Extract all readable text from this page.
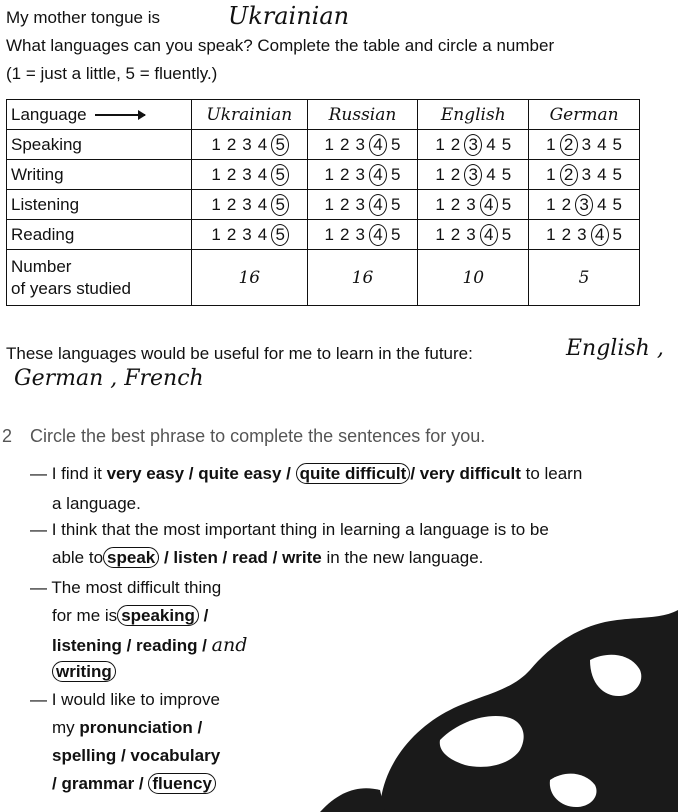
My mother tongue is	Ukrainian
What languages can you speak? Complete the table and circle a number
(1 = just a little, 5 = fluently.)
Language	Ukrainian	Russian	English	German
Speaking	1 2 3 4 5	1 2 3 4 5	1 2 3 4 5	1 2 3 4 5
Writing	1 2 3 4 5	1 2 3 4 5	1 2 3 4 5	1 2 3 4 5
Listening	1 2 3 4 5	1 2 3 4 5	1 2 3 4 5	1 2 3 4 5
Reading	1 2 3 4 5	1 2 3 4 5	1 2 3 4 5	1 2 3 4 5
Number
of years studied	16	16	10	5
These languages would be useful for me to learn in the future:	English ,
German , French
2 Circle the best phrase to complete the sentences for you.
— I find it very easy / quite easy / quite difficult / very difficult to learn
a language.
— I think that the most important thing in learning a language is to be
able to speak / listen / read / write in the new language.
— The most difficult thing
for me is speaking /
listening / reading / and
writing
— I would like to improve
my pronunciation /
spelling / vocabulary
/ grammar / fluency
